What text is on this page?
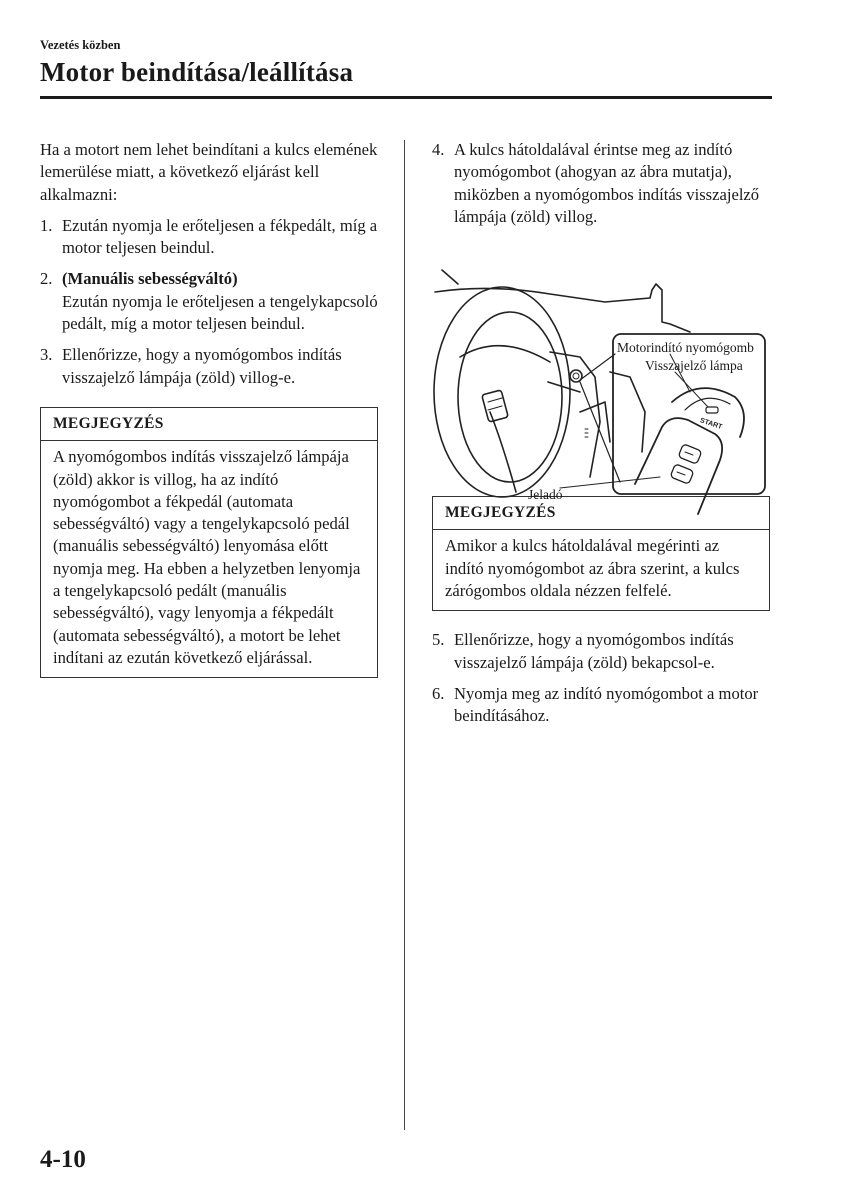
Vezetés közben
Motor beindítása/leállítása

Ha a motort nem lehet beindítani a kulcs elemének lemerülése miatt, a következő eljárást kell alkalmazni:

1. Ezután nyomja le erőteljesen a fékpedált, míg a motor teljesen beindul.
2. (Manuális sebességváltó)
Ezután nyomja le erőteljesen a tengelykapcsoló pedált, míg a motor teljesen beindul.
3. Ellenőrizze, hogy a nyomógombos indítás visszajelző lámpája (zöld) villog-e.
MEGJEGYZÉS
A nyomógombos indítás visszajelző lámpája (zöld) akkor is villog, ha az indító nyomógombot a fékpedál (automata sebességváltó) vagy a tengelykapcsoló pedál (manuális sebességváltó) lenyomása előtt nyomja meg. Ha ebben a helyzetben lenyomja a tengelykapcsoló pedált (manuális sebességváltó), vagy lenyomja a fékpedált (automata sebességváltó), a motort be lehet indítani az ezután következő eljárással.
4. A kulcs hátoldalával érintse meg az indító nyomógombot (ahogyan az ábra mutatja), miközben a nyomógombos indítás visszajelző lámpája (zöld) villog.
MEGJEGYZÉS
Amikor a kulcs hátoldalával megérinti az indító nyomógombot az ábra szerint, a kulcs zárógombos oldala nézzen felfelé.
5. Ellenőrizze, hogy a nyomógombos indítás visszajelző lámpája (zöld) bekapcsol-e.
6. Nyomja meg az indító nyomógombot a motor beindításához.
Motorindító nyomógomb
Visszajelző lámpa
Jeladó
START
4-10
